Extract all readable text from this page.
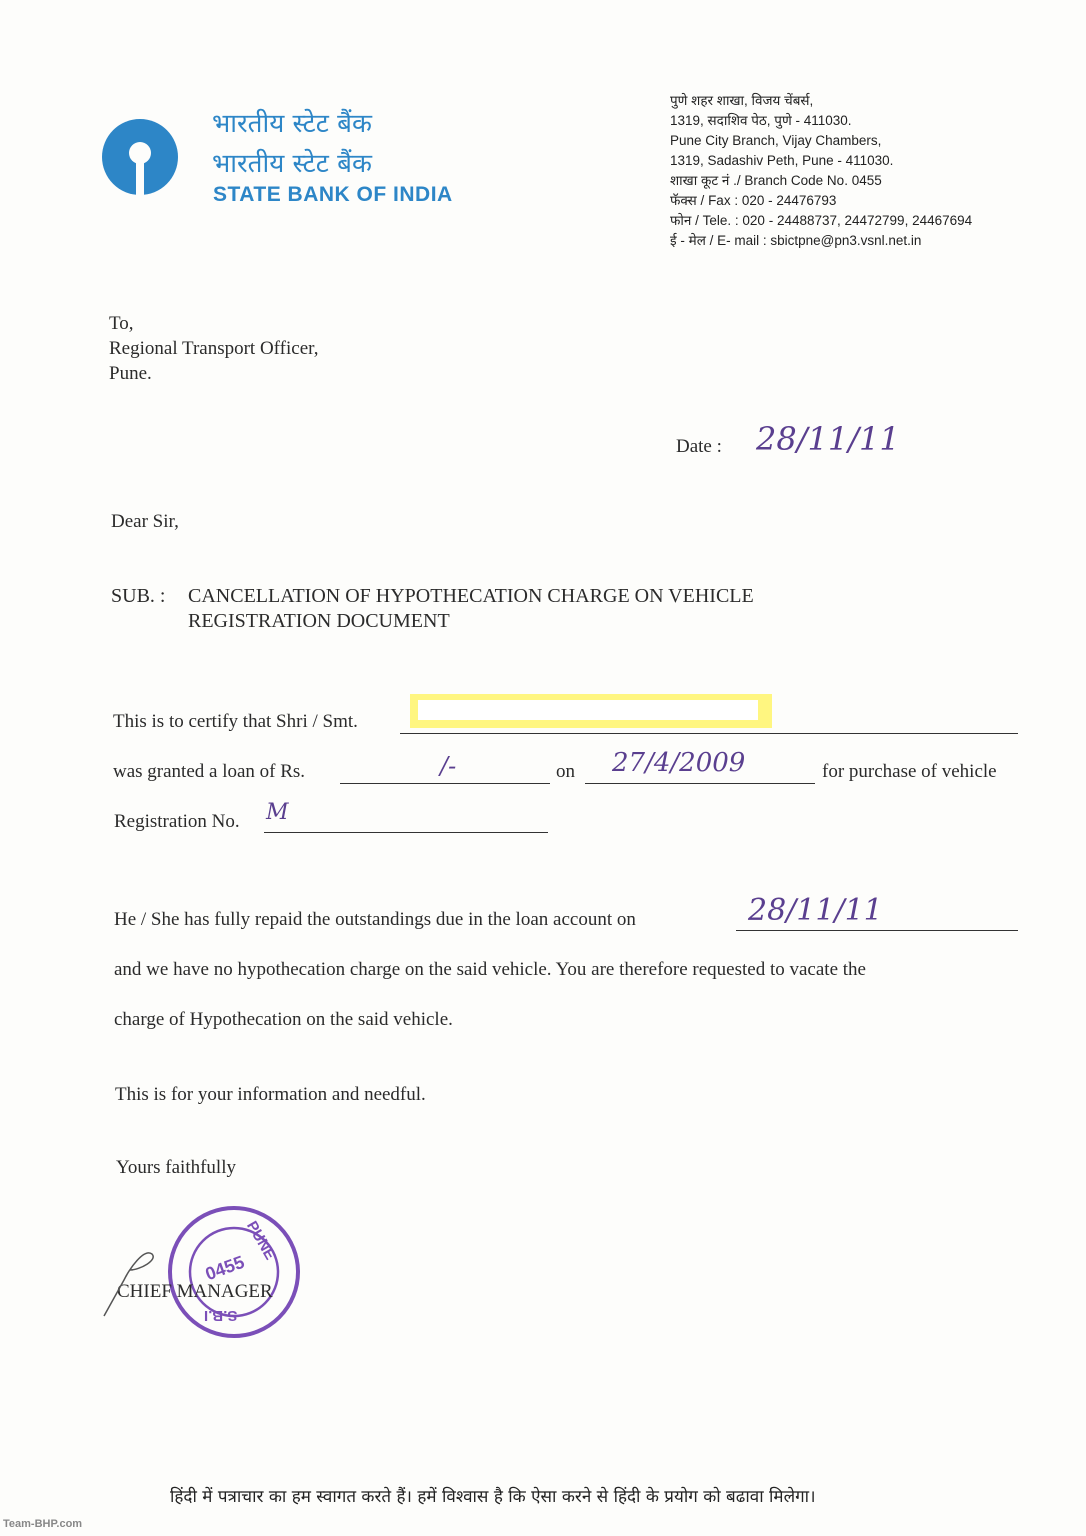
भारतीय स्टेट बैंक
भारतीय स्टेट बैंक
STATE BANK OF INDIA
पुणे शहर शाखा, विजय चेंबर्स,
1319, सदाशिव पेठ, पुणे - 411030.
Pune City Branch, Vijay Chambers,
1319, Sadashiv Peth, Pune - 411030.
शाखा कूट नं ./ Branch Code No. 0455
फॅक्स / Fax : 020 - 24476793
फोन / Tele. : 020 - 24488737, 24472799, 24467694
ई - मेल / E- mail : sbictpne@pn3.vsnl.net.in
To,
Regional Transport Officer,
Pune.
Date : 28/11/11
Dear Sir,
SUB. : CANCELLATION OF HYPOTHECATION CHARGE ON VEHICLE
REGISTRATION DOCUMENT
This is to certify that Shri / Smt.
was granted a loan of Rs.	/-	on 27/4/2009	for purchase of vehicle
Registration No. M
He / She has fully repaid the outstandings due in the loan account on	28/11/11
and we have no hypothecation charge on the said vehicle. You are therefore requested to vacate the
charge of Hypothecation on the said vehicle.
This is for your information and needful.
Yours faithfully
PUNE
0455
S.B.I
CHIEF MANAGER
हिंदी में पत्राचार का हम स्वागत करते हैं। हमें विश्वास है कि ऐसा करने से हिंदी के प्रयोग को बढावा मिलेगा।
Team-BHP.com
